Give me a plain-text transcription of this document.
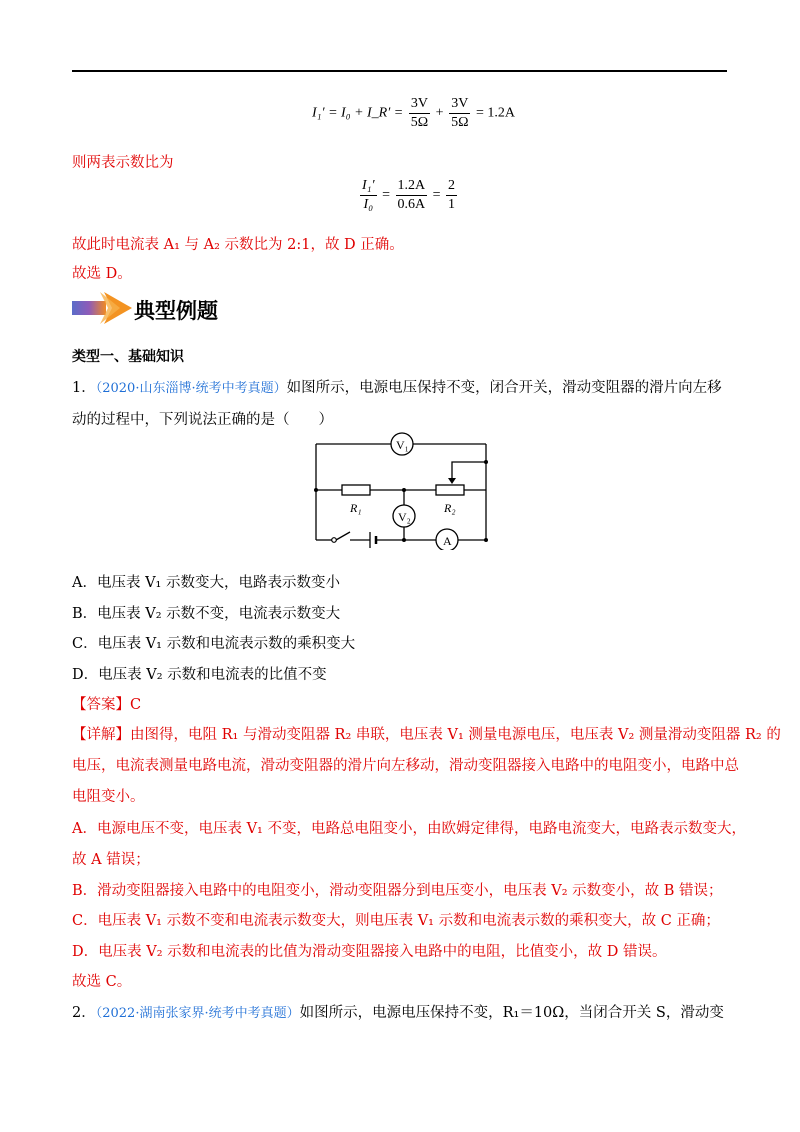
I₁′ = I₀ + I_R′ = $\frac{3V}{5\Omega} + \frac{3V}{5\Omega} = 1.2A$
则两表示数比为
$\frac{\text{I₁′}}{\text{I₀}} = \frac{1.2A}{0.6A} = \frac{2}{1}$
故此时电流表 A₁ 与 A₂ 示数比为 2:1，故 D 正确。
故选 D。
典型例题
类型一、基础知识
1．（2020·山东淄博·统考中考真题）如图所示，电源电压保持不变，闭合开关，滑动变阻器的滑片向左移
动的过程中，下列说法正确的是（　　）
V₁
V₂
A
R₁	R₂
A．电压表 V₁ 示数变大，电路表示数变小
B．电压表 V₂ 示数不变，电流表示数变大
C．电压表 V₁ 示数和电流表示数的乘积变大
D．电压表 V₂ 示数和电流表的比值不变
【答案】C
【详解】由图得，电阻 R₁ 与滑动变阻器 R₂ 串联，电压表 V₁ 测量电源电压，电压表 V₂ 测量滑动变阻器 R₂ 的
电压，电流表测量电路电流，滑动变阻器的滑片向左移动，滑动变阻器接入电路中的电阻变小，电路中总
电阻变小。
A．电源电压不变，电压表 V₁ 不变，电路总电阻变小，由欧姆定律得，电路电流变大，电路表示数变大，
故 A 错误；
B．滑动变阻器接入电路中的电阻变小，滑动变阻器分到电压变小，电压表 V₂ 示数变小，故 B 错误；
C．电压表 V₁ 示数不变和电流表示数变大，则电压表 V₁ 示数和电流表示数的乘积变大，故 C 正确；
D．电压表 V₂ 示数和电流表的比值为滑动变阻器接入电路中的电阻，比值变小，故 D 错误。
故选 C。
2．（2022·湖南张家界·统考中考真题）如图所示，电源电压保持不变，R₁＝10Ω，当闭合开关 S，滑动变
